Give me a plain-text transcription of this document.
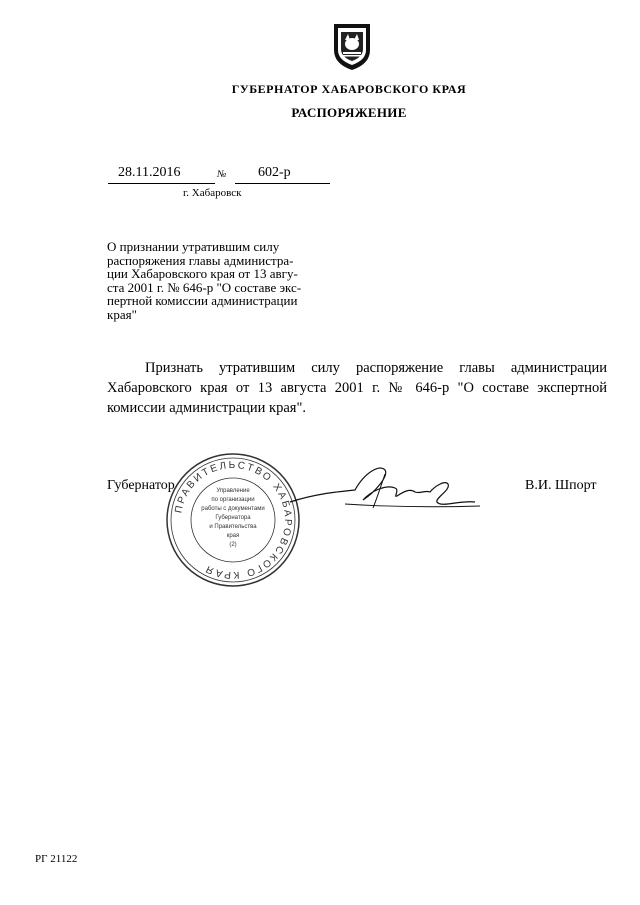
ГУБЕРНАТОР ХАБАРОВСКОГО КРАЯ
РАСПОРЯЖЕНИЕ
28.11.2016	№ 602-р
г. Хабаровск
О признании утратившим силу
распоряжения главы администра-
ции Хабаровского края от 13 авгу-
ста 2001 г. № 646-р "О составе экс-
пертной комиссии администрации
края"
Признать утратившим силу распоряжение главы администрации Хабаровского края от 13 августа 2001 г. № 646-р "О составе экспертной комиссии администрации края".
Губернатор	В.И. Шпорт
ПРАВИТЕЛЬСТВО ХАБАРОВСКОГО КРАЯ
Управление
по организации
работы с документами
Губернатора
и Правительства
края
(2)
РГ 21122
